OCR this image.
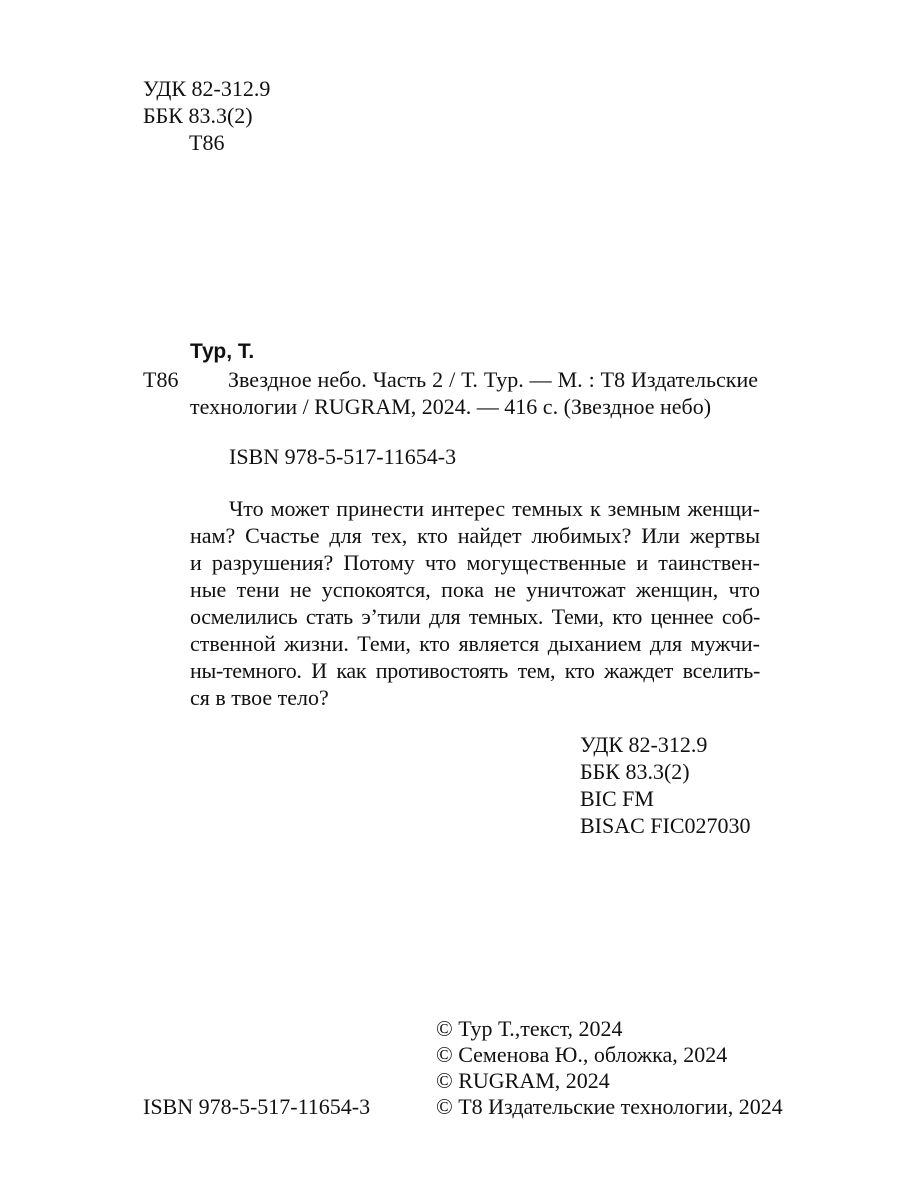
УДК 82-312.9
ББК 83.3(2)
Т86
Тур, Т.
Т86	Звездное небо. Часть 2 / Т. Тур. — М. : Т8 Издательские
технологии / RUGRAM, 2024. — 416 с. (Звездное небо)
ISBN 978-5-517-11654-3
Что может принести интерес темных к земным женщи-
нам? Счастье для тех, кто найдет любимых? Или жертвы
и разрушения? Потому что могущественные и таинствен-
ные тени не успокоятся, пока не уничтожат женщин, что
осмелились стать э’тили для темных. Теми, кто ценнее соб-
ственной жизни. Теми, кто является дыханием для мужчи-
ны-темного. И как противостоять тем, кто жаждет вселить-
ся в твое тело?
УДК 82-312.9
ББК 83.3(2)
BIC FM
BISAC FIC027030
© Тур Т.,текст, 2024
© Семенова Ю., обложка, 2024
© RUGRAM, 2024
© Т8 Издательские технологии, 2024
ISBN 978-5-517-11654-3
